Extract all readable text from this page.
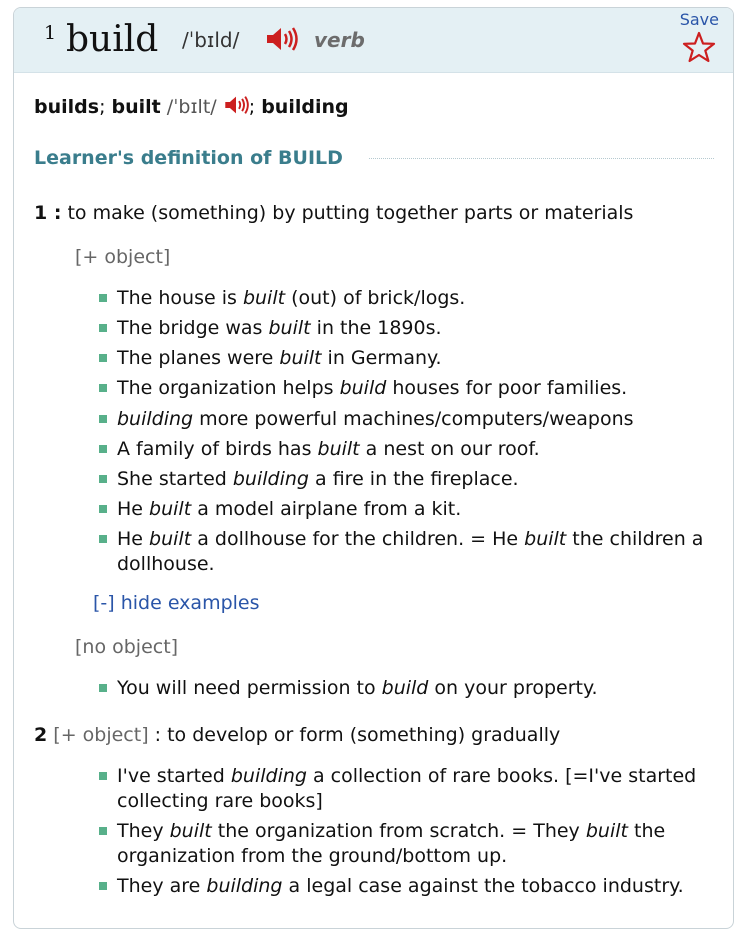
1 build /ˈbɪld/	verb
Save
builds; built /ˈbɪlt/ ; building
Learner's definition of BUILD
1 : to make (something) by putting together parts or materials
[+ object]
The house is built (out) of brick/logs.
The bridge was built in the 1890s.
The planes were built in Germany.
The organization helps build houses for poor families.
building more powerful machines/computers/weapons
A family of birds has built a nest on our roof.
She started building a fire in the fireplace.
He built a model airplane from a kit.
He built a dollhouse for the children. = He built the children a dollhouse.
[-] hide examples
[no object]
You will need permission to build on your property.
2 [+ object] : to develop or form (something) gradually
I've started building a collection of rare books. [=I've started collecting rare books]
They built the organization from scratch. = They built the organization from the ground/bottom up.
They are building a legal case against the tobacco industry.
